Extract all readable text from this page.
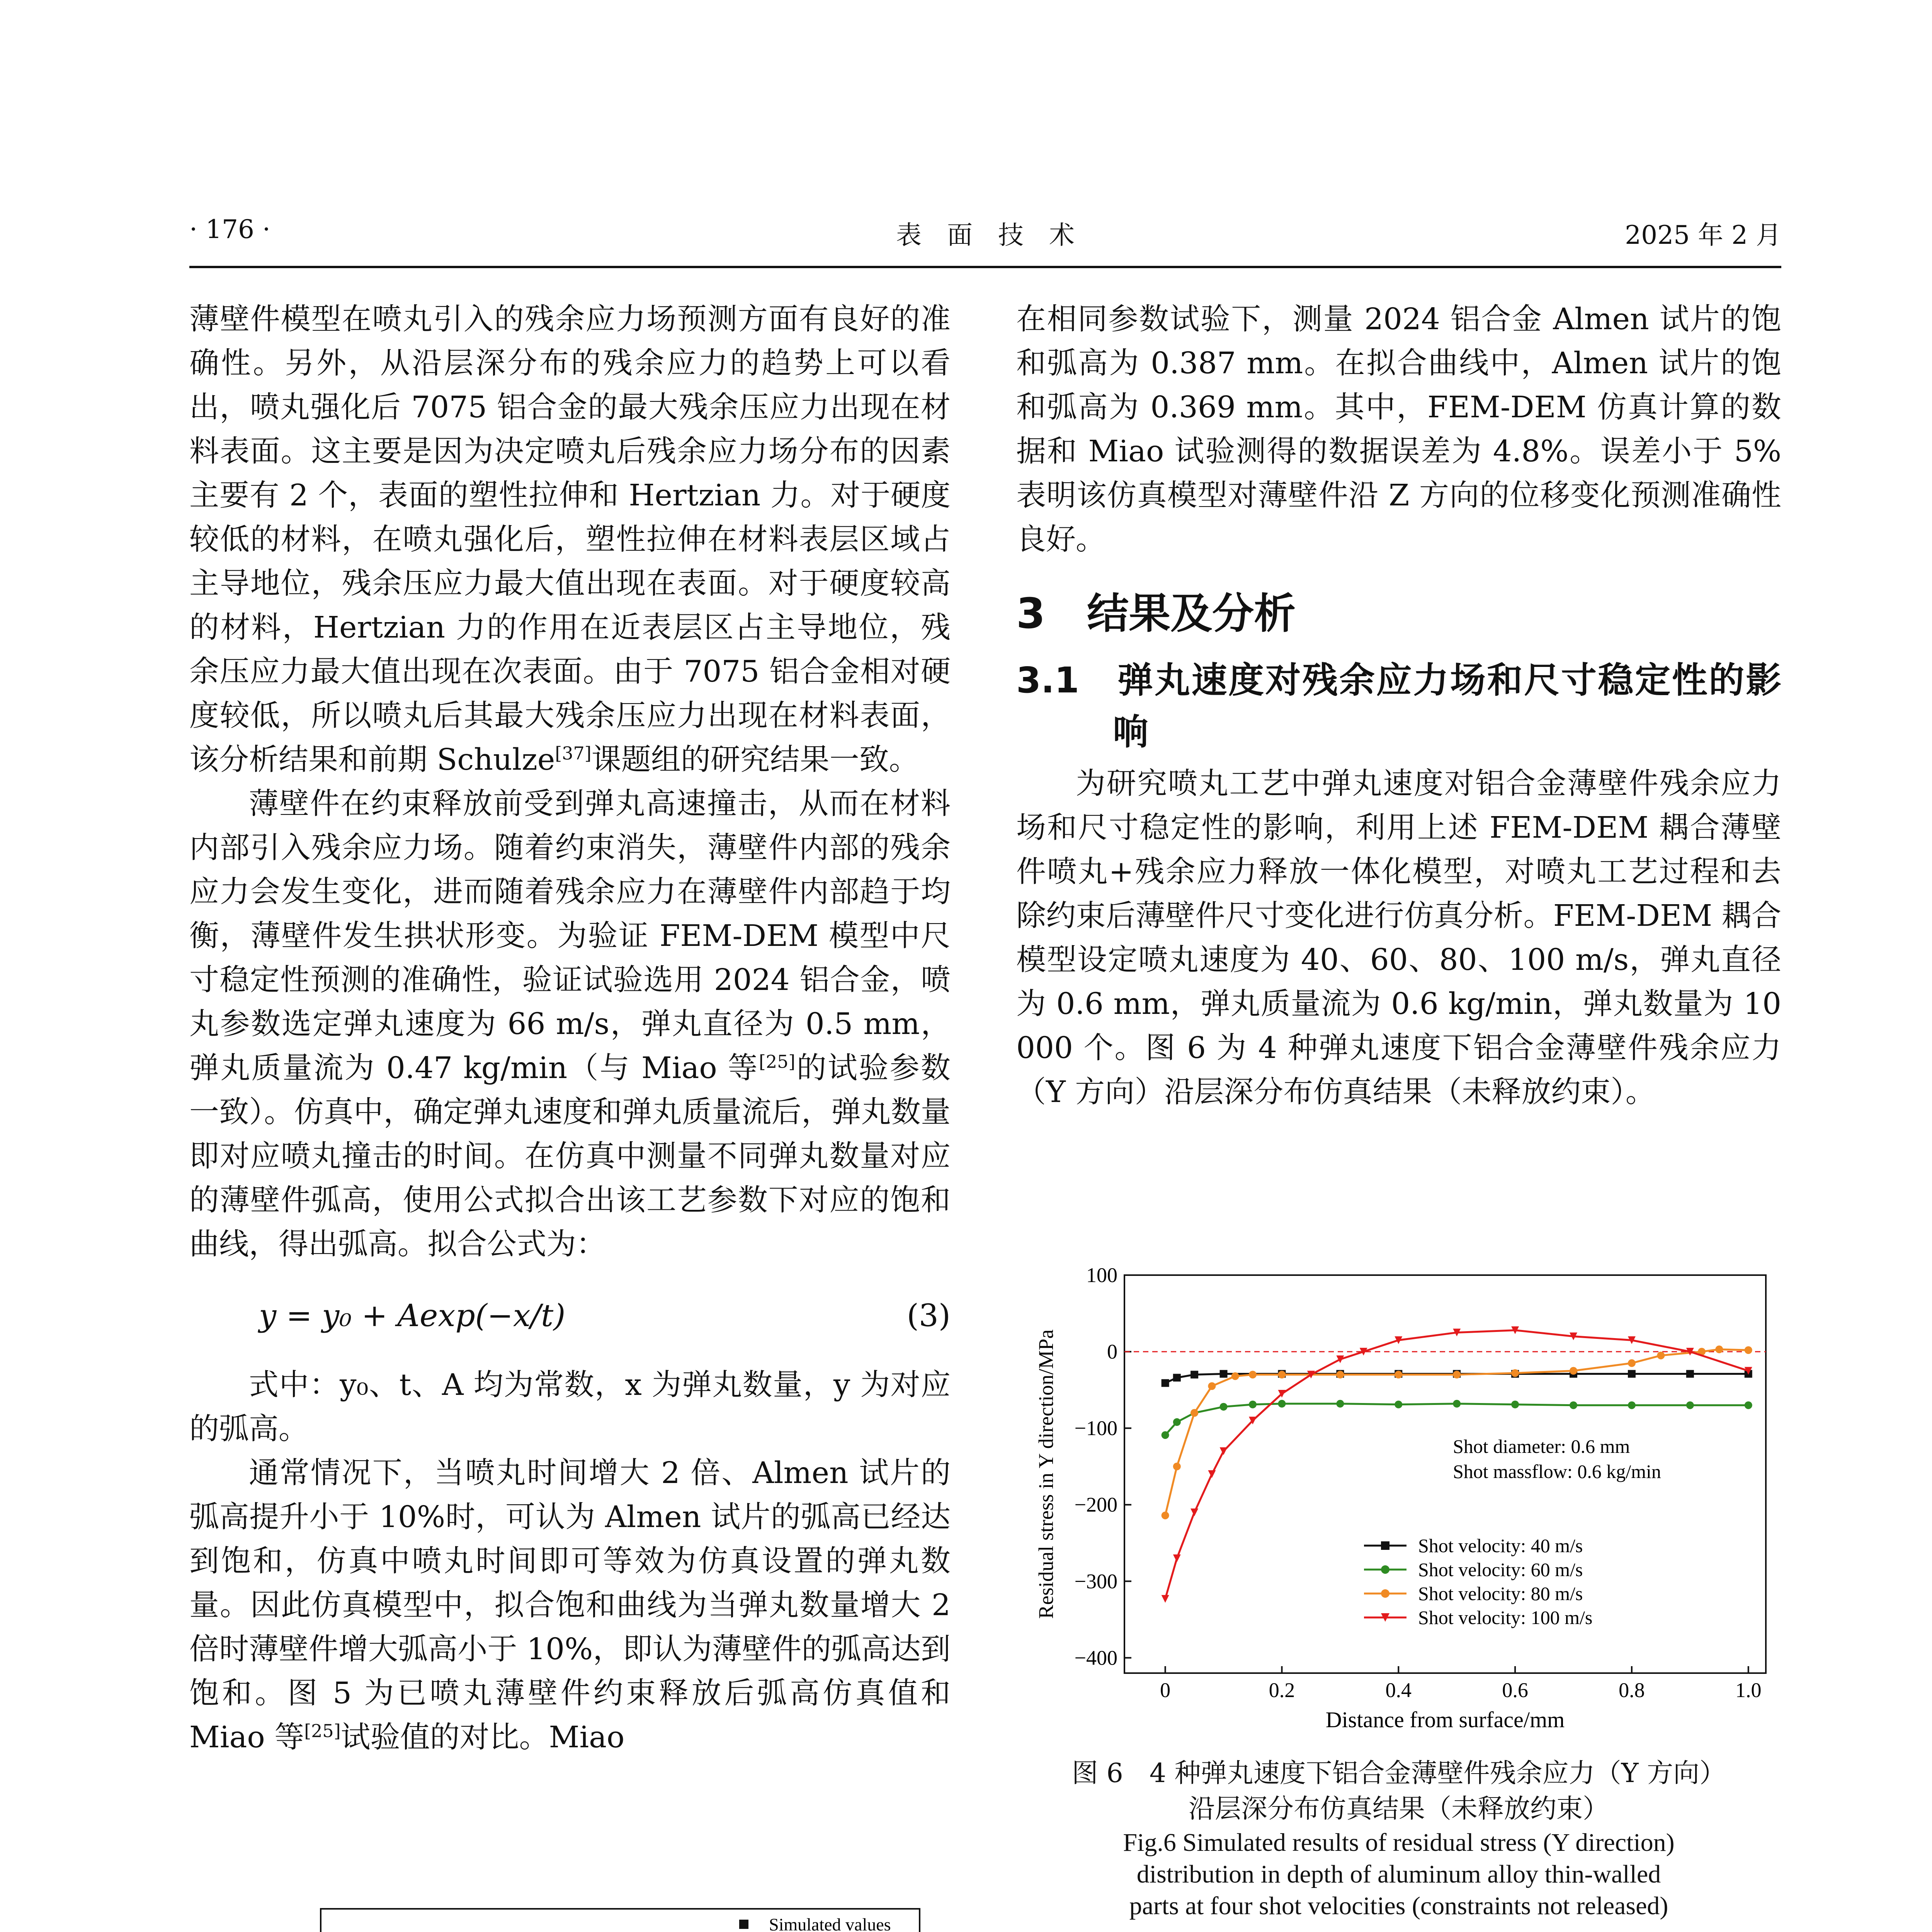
· 176 ·	表　面　技　术	2025 年 2 月

薄壁件模型在喷丸引入的残余应力场预测方面有良好的准确性。另外，从沿层深分布的残余应力的趋势上可以看出，喷丸强化后 7075 铝合金的最大残余压应力出现在材料表面。这主要是因为决定喷丸后残余应力场分布的因素主要有 2 个，表面的塑性拉伸和 Hertzian 力。对于硬度较低的材料，在喷丸强化后，塑性拉伸在材料表层区域占主导地位，残余压应力最大值出现在表面。对于硬度较高的材料，Hertzian 力的作用在近表层区占主导地位，残余压应力最大值出现在次表面。由于 7075 铝合金相对硬度较低，所以喷丸后其最大残余压应力出现在材料表面，该分析结果和前期 Schulze[37]课题组的研究结果一致。

薄壁件在约束释放前受到弹丸高速撞击，从而在材料内部引入残余应力场。随着约束消失，薄壁件内部的残余应力会发生变化，进而随着残余应力在薄壁件内部趋于均衡，薄壁件发生拱状形变。为验证 FEM-DEM 模型中尺寸稳定性预测的准确性，验证试验选用 2024 铝合金，喷丸参数选定弹丸速度为 66 m/s，弹丸直径为 0.5 mm，弹丸质量流为 0.47 kg/min（与 Miao 等[25]的试验参数一致）。仿真中，确定弹丸速度和弹丸质量流后，弹丸数量即对应喷丸撞击的时间。在仿真中测量不同弹丸数量对应的薄壁件弧高，使用公式拟合出该工艺参数下对应的饱和曲线，得出弧高。拟合公式为：

y = y₀ + Aexp(−x/t)	(3)

式中：y₀、t、A 均为常数，x 为弹丸数量，y 为对应的弧高。

通常情况下，当喷丸时间增大 2 倍、Almen 试片的弧高提升小于 10%时，可认为 Almen 试片的弧高已经达到饱和，仿真中喷丸时间即可等效为仿真设置的弹丸数量。因此仿真模型中，拟合饱和曲线为当弹丸数量增大 2 倍时薄壁件增大弧高小于 10%，即认为薄壁件的弧高达到饱和。图 5 为已喷丸薄壁件约束释放后弧高仿真值和 Miao 等[25]试验值的对比。Miao

在相同参数试验下，测量 2024 铝合金 Almen 试片的饱和弧高为 0.387 mm。在拟合曲线中，Almen 试片的饱和弧高为 0.369 mm。其中，FEM-DEM 仿真计算的数据和 Miao 试验测得的数据误差为 4.8%。误差小于 5%表明该仿真模型对薄壁件沿 Z 方向的位移变化预测准确性良好。

3　结果及分析
3.1　弹丸速度对残余应力场和尺寸稳定性的影响

为研究喷丸工艺中弹丸速度对铝合金薄壁件残余应力场和尺寸稳定性的影响，利用上述 FEM-DEM 耦合薄壁件喷丸+残余应力释放一体化模型，对喷丸工艺过程和去除约束后薄壁件尺寸变化进行仿真分析。FEM-DEM 耦合模型设定喷丸速度为 40、60、80、100 m/s，弹丸直径为 0.6 mm，弹丸质量流为 0.6 kg/min，弹丸数量为 10 000 个。图 6 为 4 种弹丸速度下铝合金薄壁件残余应力（Y 方向）沿层深分布仿真结果（未释放约束）。

Simulated values
0	0.2	0.4	0.6	0.8	1.0
100
0
−100
−200
−300
−400
Distance from surface/mm
Residual stress in Y direction/MPa	Shot diameter: 0.6 mm
Shot massflow: 0.6 kg/min
Shot velocity: 40 m/s
Shot velocity: 60 m/s
Shot velocity: 80 m/s
Shot velocity: 100 m/s
图 6　4 种弹丸速度下铝合金薄壁件残余应力（Y 方向）
沿层深分布仿真结果（未释放约束）
Fig.6 Simulated results of residual stress (Y direction)
distribution in depth of aluminum alloy thin-walled
parts at four shot velocities (constraints not released)
